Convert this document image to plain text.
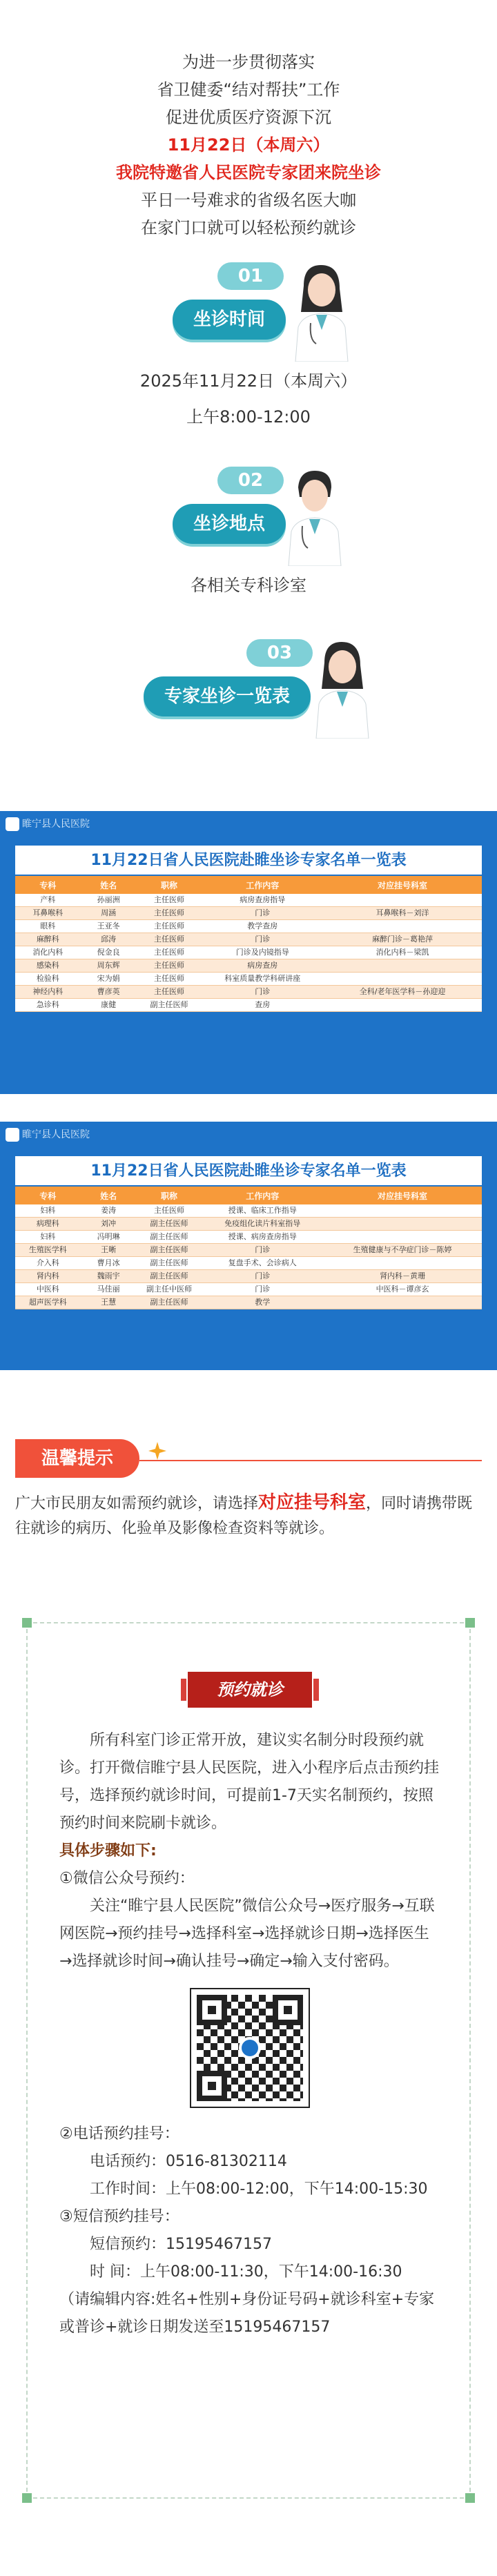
为进一步贯彻落实

省卫健委“结对帮扶”工作

促进优质医疗资源下沉

11月22日（本周六）

我院特邀省人民医院专家团来院坐诊

平日一号难求的省级名医大咖

在家门口就可以轻松预约就诊

01
坐诊时间
2025年11月22日（本周六）
上午8:00-12:00
02
坐诊地点
各相关专科诊室
03
专家坐诊一览表
睢宁县人民医院
11月22日省人民医院赴睢坐诊专家名单一览表
专科	姓名	职称	工作内容	对应挂号科室
产科	孙丽洲	主任医师	病房查房指导	
耳鼻喉科	周涵	主任医师	门诊	耳鼻喉科－刘洋
眼科	王亚冬	主任医师	教学查房	
麻醉科	邱涛	主任医师	门诊	麻醉门诊－葛艳萍
消化内科	倪金良	主任医师	门诊及内镜指导	消化内科－梁凯
感染科	周东辉	主任医师	病房查房	
检验科	宋为娟	主任医师	科室质量教学科研讲座	
神经内科	曹彦英	主任医师	门诊	全科/老年医学科－孙迎迎
急诊科	康健	副主任医师	查房	
睢宁县人民医院
11月22日省人民医院赴睢坐诊专家名单一览表
专科	姓名	职称	工作内容	对应挂号科室
妇科	姜涛	主任医师	授课、临床工作指导	
病理科	刘冲	副主任医师	免疫组化读片科室指导	
妇科	冯明琳	副主任医师	授课、病房查房指导	
生殖医学科	王晰	副主任医师	门诊	生殖健康与不孕症门诊－陈婷
介入科	曹月冰	副主任医师	复盘手术、会诊病人	
肾内科	魏雨宇	副主任医师	门诊	肾内科－黄珊
中医科	马佳丽	副主任中医师	门诊	中医科－谭彦玄
超声医学科	王慧	副主任医师	教学	
温馨提示
广大市民朋友如需预约就诊，请选择对应挂号科室，同时请携带既往就诊的病历、化验单及影像检查资料等就诊。
预约就诊

所有科室门诊正常开放，建议实名制分时段预约就诊。打开微信睢宁县人民医院，进入小程序后点击预约挂号，选择预约就诊时间，可提前1-7天实名制预约，按照预约时间来院刷卡就诊。

具体步骤如下:

①微信公众号预约：

关注“睢宁县人民医院”微信公众号→医疗服务→互联网医院→预约挂号→选择科室→选择就诊日期→选择医生→选择就诊时间→确认挂号→确定→输入支付密码。

②电话预约挂号：

电话预约：0516-81302114

工作时间：上午08:00-12:00，下午14:00-15:30

③短信预约挂号：

短信预约：15195467157

时 间：上午08:00-11:30，下午14:00-16:30

（请编辑内容:姓名+性别+身份证号码+就诊科室+专家或普诊+就诊日期发送至15195467157
